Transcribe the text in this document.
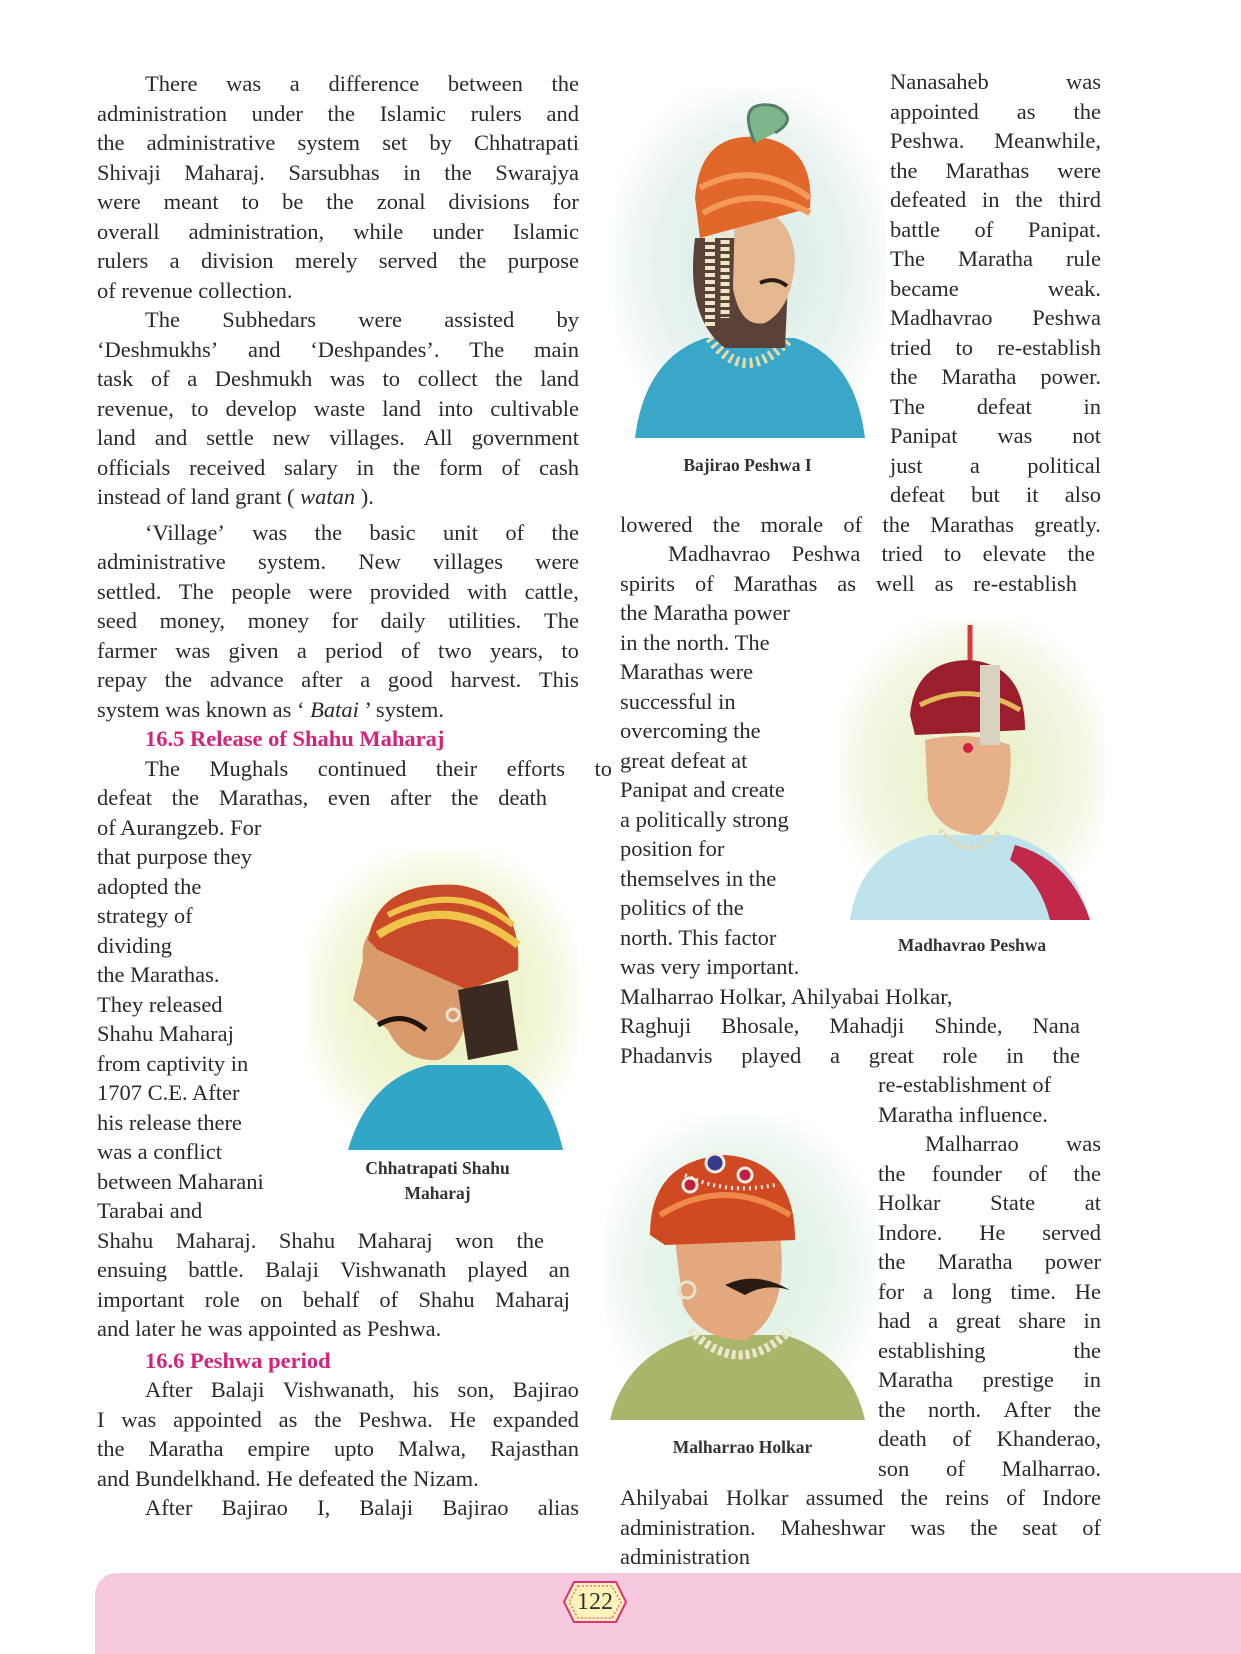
There was a difference between the
administration under the Islamic rulers and
the administrative system set by Chhatrapati
Shivaji Maharaj. Sarsubhas in the Swarajya
were meant to be the zonal divisions for
overall administration, while under Islamic
rulers a division merely served the purpose
of revenue collection.
The Subhedars were assisted by
‘Deshmukhs’ and ‘Deshpandes’. The main
task of a Deshmukh was to collect the land
revenue, to develop waste land into cultivable
land and settle new villages. All government
officials received salary in the form of cash
instead of land grant ( watan ).
‘Village’ was the basic unit of the
administrative system. New villages were
settled. The people were provided with cattle,
seed money, money for daily utilities. The
farmer was given a period of two years, to
repay the advance after a good harvest. This
system was known as ‘ Batai ’ system.
16.5 Release of Shahu Maharaj
The Mughals continued their efforts to
defeat the Marathas, even after the death
of Aurangzeb. For
that purpose they
adopted the
strategy of
dividing
the Marathas.
They released
Shahu Maharaj
from captivity in
1707 C.E. After
his release there
was a conflict
between Maharani
Tarabai and
Shahu Maharaj. Shahu Maharaj won the
ensuing battle. Balaji Vishwanath played an
important role on behalf of Shahu Maharaj
and later he was appointed as Peshwa.
16.6 Peshwa period
After Balaji Vishwanath, his son, Bajirao
I was appointed as the Peshwa. He expanded
the Maratha empire upto Malwa, Rajasthan
and Bundelkhand. He defeated the Nizam.
After Bajirao I, Balaji Bajirao alias
Nanasaheb	was
appointed as the
Peshwa. Meanwhile,
the Marathas were
defeated in the third
battle of Panipat.
The Maratha rule
became	weak.
Madhavrao Peshwa
tried to re-establish
the Maratha power.
The defeat in
Panipat was not
just a political
defeat but it also
lowered the morale of the Marathas greatly.
Madhavrao Peshwa tried to elevate the
spirits of Marathas as well as re-establish
the Maratha power
in the north. The
Marathas were
successful in
overcoming the
great defeat at
Panipat and create
a politically strong
position for
themselves in the
politics of the
north. This factor
was very important.
Malharrao Holkar, Ahilyabai Holkar,
Raghuji Bhosale, Mahadji Shinde, Nana
Phadanvis played a great role in the
re-establishment of
Maratha influence.
Malharrao was
the founder of the
Holkar State at
Indore. He served
the Maratha power
for a long time. He
had a great share in
establishing	the
Maratha prestige in
the north. After the
death of Khanderao,
son of Malharrao.
Ahilyabai Holkar assumed the reins of Indore
administration. Maheshwar was the seat of
administration
Bajirao Peshwa I
Chhatrapati Shahu
Maharaj
Madhavrao Peshwa
Malharrao Holkar
122
